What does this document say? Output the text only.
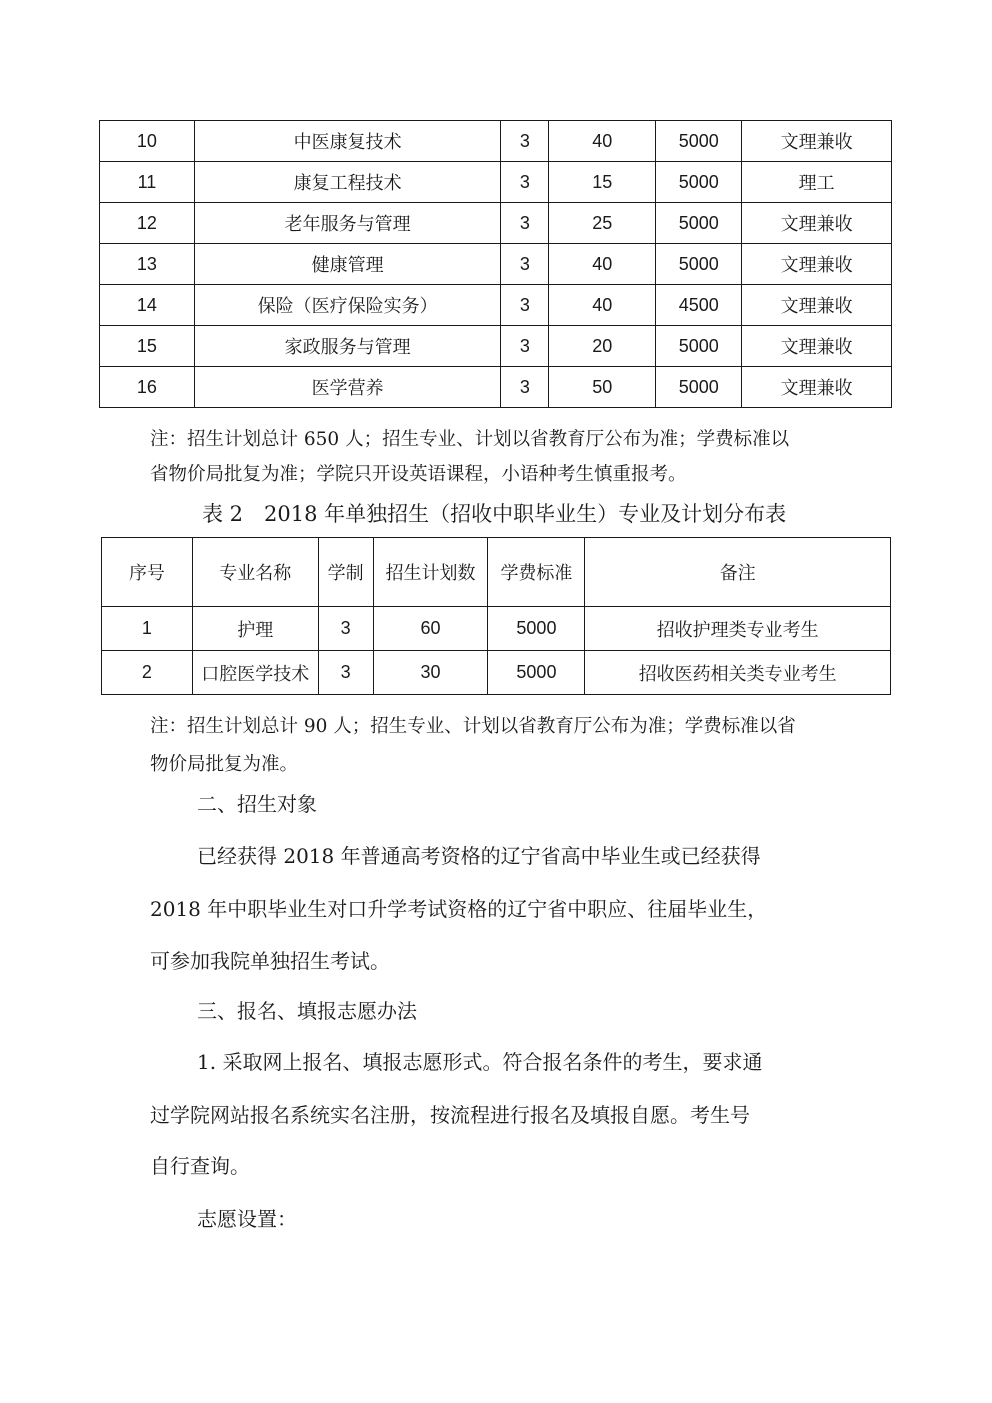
10	中医康复技术	3	40	5000	文理兼收
11	康复工程技术	3	15	5000	理工
12	老年服务与管理	3	25	5000	文理兼收
13	健康管理	3	40	5000	文理兼收
14	保险（医疗保险实务）	3	40	4500	文理兼收
15	家政服务与管理	3	20	5000	文理兼收
16	医学营养	3	50	5000	文理兼收
注：招生计划总计 650 人；招生专业、计划以省教育厅公布为准；学费标准以
省物价局批复为准；学院只开设英语课程，小语种考生慎重报考。
表 2　2018 年单独招生（招收中职毕业生）专业及计划分布表
序号	专业名称	学制	招生计划数	学费标准	备注
1	护理	3	60	5000	招收护理类专业考生
2	口腔医学技术	3	30	5000	招收医药相关类专业考生
注：招生计划总计 90 人；招生专业、计划以省教育厅公布为准；学费标准以省
物价局批复为准。
二、招生对象
已经获得 2018 年普通高考资格的辽宁省高中毕业生或已经获得
2018 年中职毕业生对口升学考试资格的辽宁省中职应、往届毕业生，
可参加我院单独招生考试。
三、报名、填报志愿办法
1. 采取网上报名、填报志愿形式。符合报名条件的考生，要求通
过学院网站报名系统实名注册，按流程进行报名及填报自愿。考生号
自行查询。
志愿设置：
